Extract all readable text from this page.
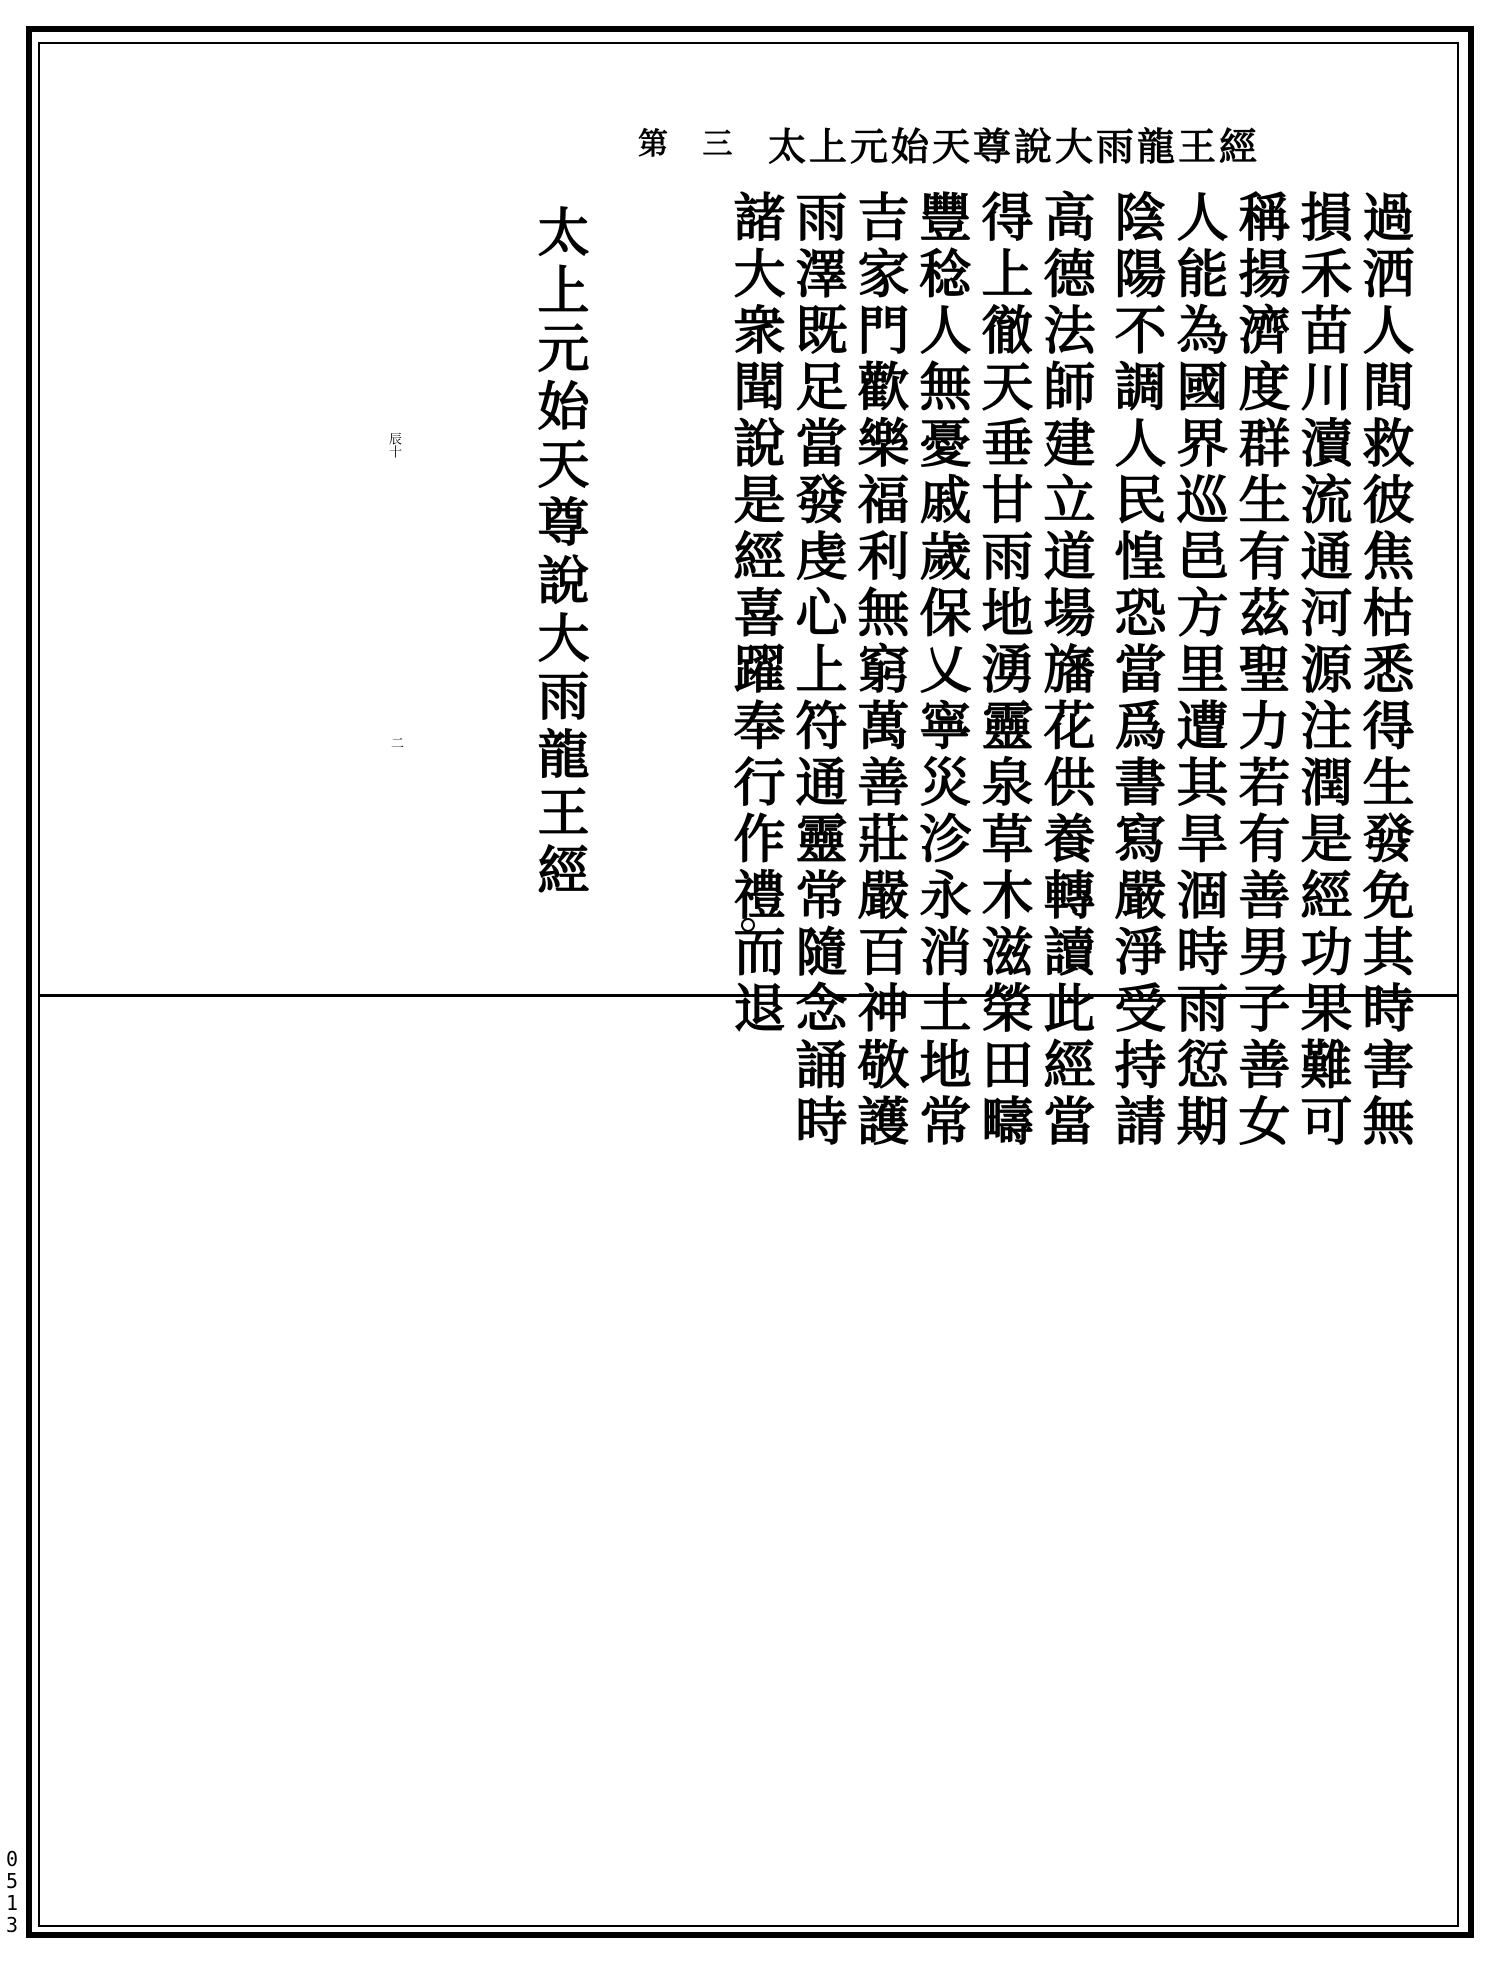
太上元始天尊說大雨龍王經
第 三
過洒人間救彼焦枯悉得生發免其時害無
損禾苗川瀆流通河源注潤是經功果難可
稱揚濟度群生有茲聖力若有善男子善女
人能為國界巡邑方里遭其旱涸時雨愆期
陰陽不調人民惶恐當爲書寫嚴淨受持請
高德法師建立道場旛花供養轉讀此經當
得上徹天垂甘雨地湧靈泉草木滋榮田疇
豐稔人無憂戚歲保乂寧災沴永消土地常
吉家門歡樂福利無窮萬善莊嚴百神敬護
雨澤既足當發虔心上符通靈常隨念誦時
諸大衆聞說是經喜躍奉行作禮而退
太上元始天尊說大雨龍王經
辰十
二
0513
